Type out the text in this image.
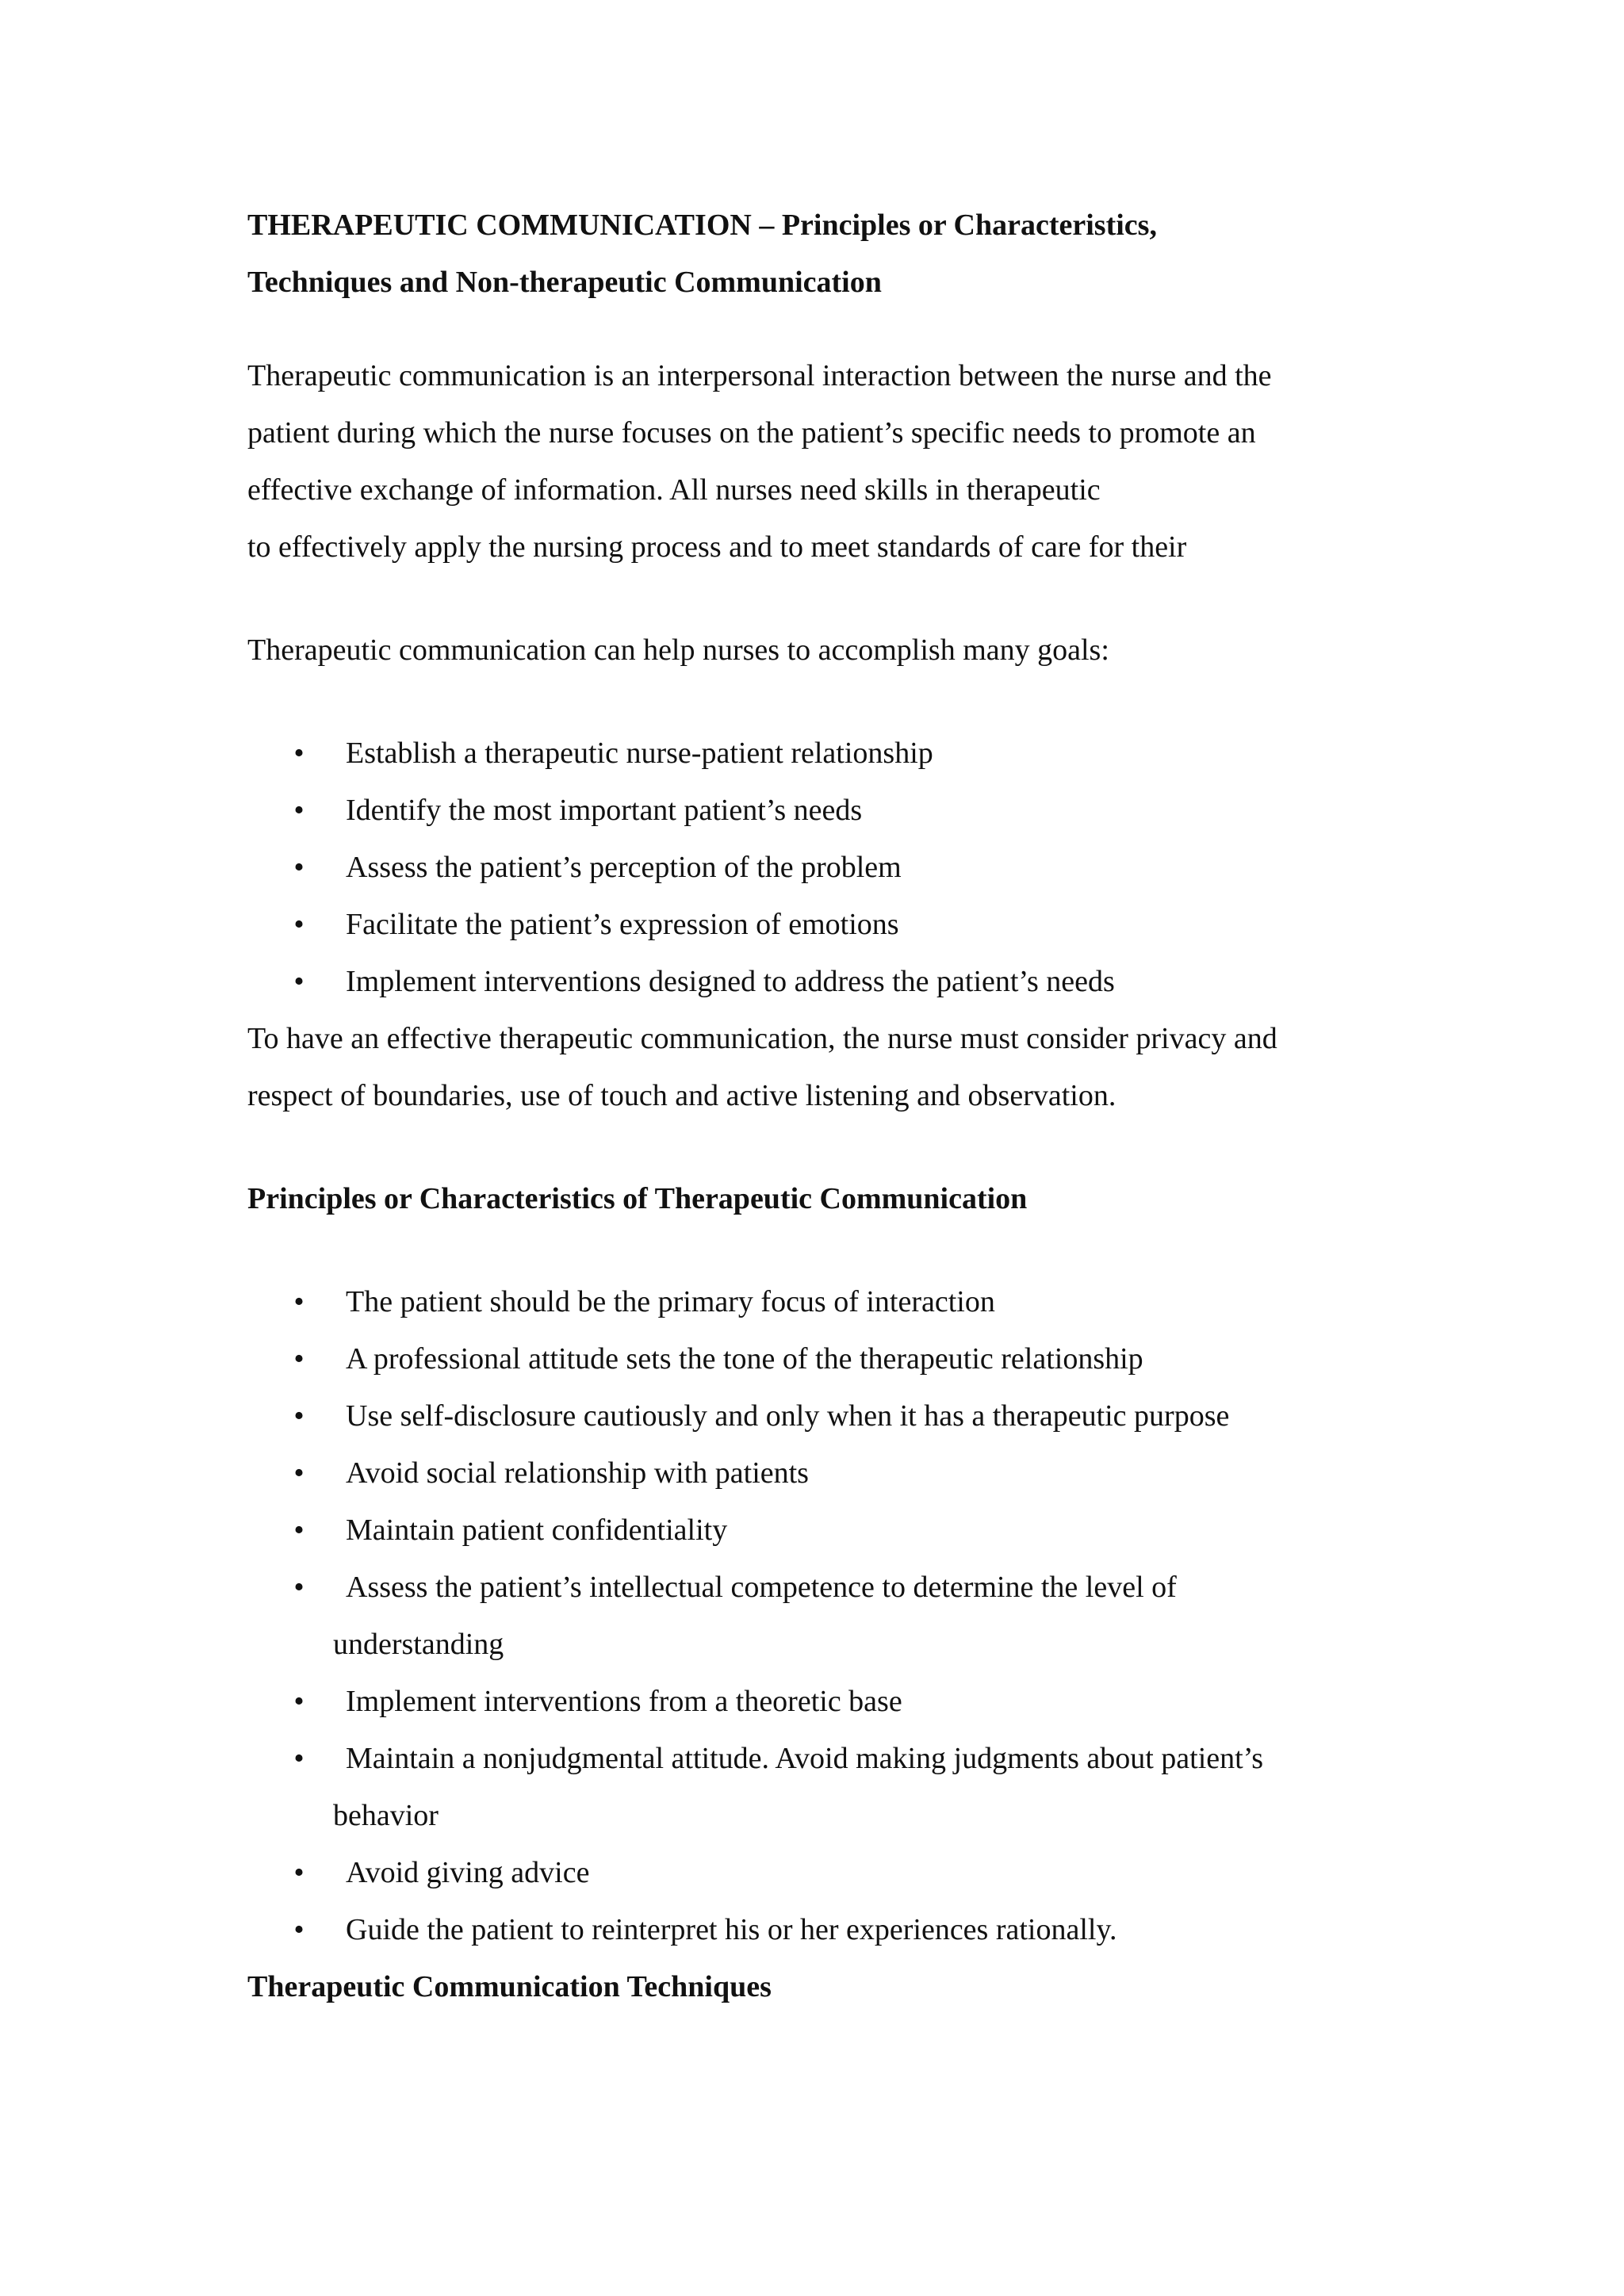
THERAPEUTIC COMMUNICATION – Principles or Characteristics,
Techniques and Non-therapeutic Communication
Therapeutic communication is an interpersonal interaction between the nurse and the
patient during which the nurse focuses on the patient’s specific needs to promote an
effective exchange of information. All nurses need skills in therapeutic
to effectively apply the nursing process and to meet standards of care for their
Therapeutic communication can help nurses to accomplish many goals:
• Establish a therapeutic nurse-patient relationship
• Identify the most important patient’s needs
• Assess the patient’s perception of the problem
• Facilitate the patient’s expression of emotions
• Implement interventions designed to address the patient’s needs
To have an effective therapeutic communication, the nurse must consider privacy and
respect of boundaries, use of touch and active listening and observation.
Principles or Characteristics of Therapeutic Communication
• The patient should be the primary focus of interaction
• A professional attitude sets the tone of the therapeutic relationship
• Use self-disclosure cautiously and only when it has a therapeutic purpose
• Avoid social relationship with patients
• Maintain patient confidentiality
• Assess the patient’s intellectual competence to determine the level of
understanding
• Implement interventions from a theoretic base
• Maintain a nonjudgmental attitude. Avoid making judgments about patient’s
behavior
• Avoid giving advice
• Guide the patient to reinterpret his or her experiences rationally.
Therapeutic Communication Techniques
